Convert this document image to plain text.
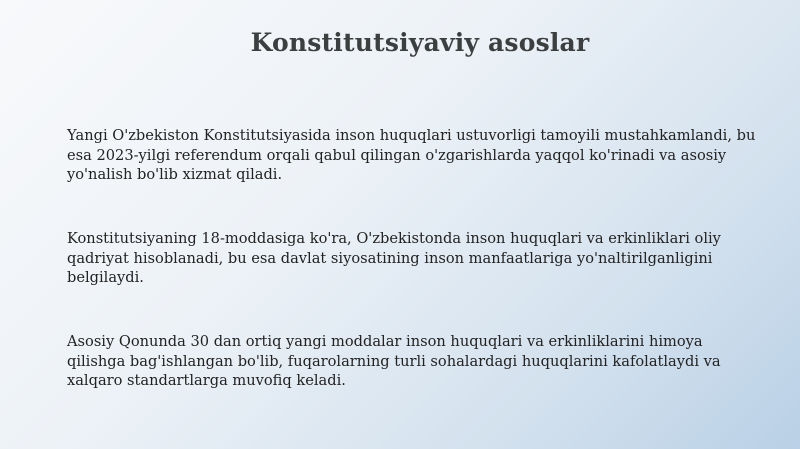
Konstitutsiyaviy asoslar

Yangi O'zbekiston Konstitutsiyasida inson huquqlari ustuvorligi tamoyili mustahkamlandi, bu esa 2023-yilgi referendum orqali qabul qilingan o'zgarishlarda yaqqol ko'rinadi va asosiy yo'nalish bo'lib xizmat qiladi.

Konstitutsiyaning 18-moddasiga ko'ra, O'zbekistonda inson huquqlari va erkinliklari oliy qadriyat hisoblanadi, bu esa davlat siyosatining inson manfaatlariga yo'naltirilganligini belgilaydi.

Asosiy Qonunda 30 dan ortiq yangi moddalar inson huquqlari va erkinliklarini himoya qilishga bag'ishlangan bo'lib, fuqarolarning turli sohalardagi huquqlarini kafolatlaydi va xalqaro standartlarga muvofiq keladi.
